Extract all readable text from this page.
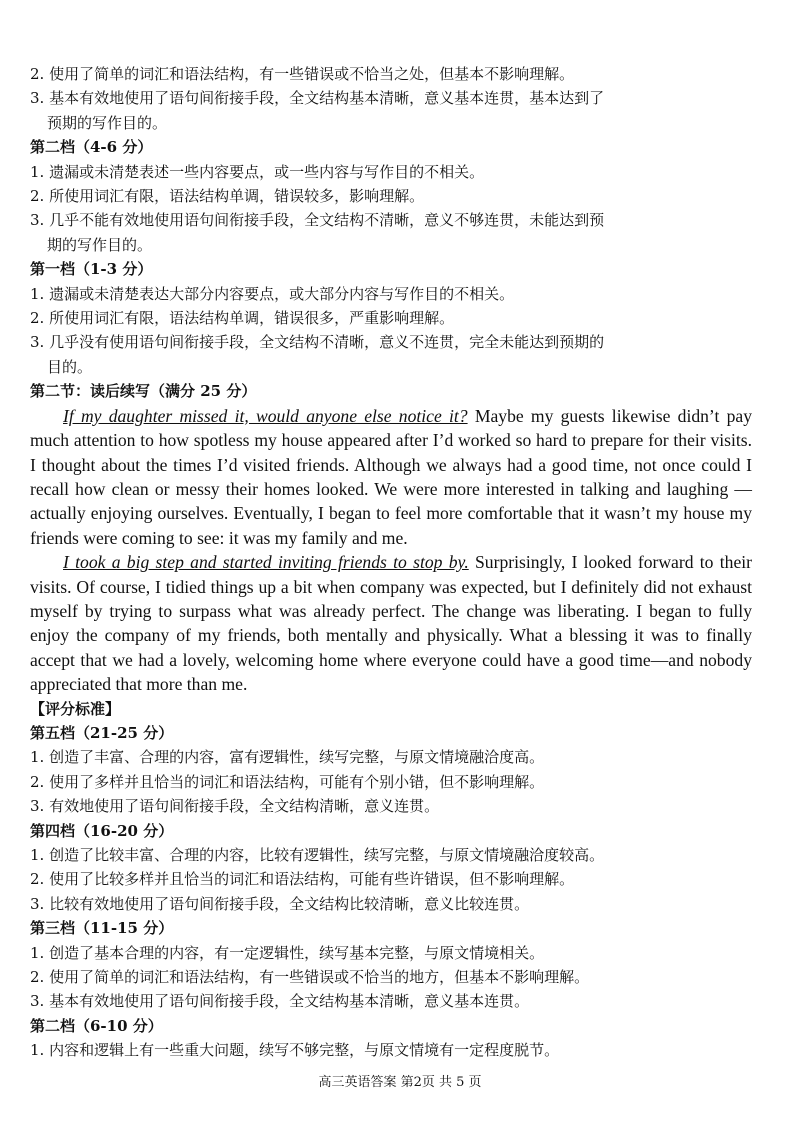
2. 使用了简单的词汇和语法结构，有一些错误或不恰当之处，但基本不影响理解。
3. 基本有效地使用了语句间衔接手段，全文结构基本清晰，意义基本连贯，基本达到了
预期的写作目的。
第二档（4-6 分）
1. 遗漏或未清楚表述一些内容要点，或一些内容与写作目的不相关。
2. 所使用词汇有限，语法结构单调，错误较多，影响理解。
3. 几乎不能有效地使用语句间衔接手段，全文结构不清晰，意义不够连贯，未能达到预
期的写作目的。
第一档（1-3 分）
1. 遗漏或未清楚表达大部分内容要点，或大部分内容与写作目的不相关。
2. 所使用词汇有限，语法结构单调，错误很多，严重影响理解。
3. 几乎没有使用语句间衔接手段，全文结构不清晰，意义不连贯，完全未能达到预期的
目的。
第二节：读后续写（满分 25 分）

If my daughter missed it, would anyone else notice it? Maybe my guests likewise didn’t pay much attention to how spotless my house appeared after I’d worked so hard to prepare for their visits. I thought about the times I’d visited friends. Although we always had a good time, not once could I recall how clean or messy their homes looked. We were more interested in talking and laughing — actually enjoying ourselves. Eventually, I began to feel more comfortable that it wasn’t my house my friends were coming to see: it was my family and me.

I took a big step and started inviting friends to stop by. Surprisingly, I looked forward to their visits. Of course, I tidied things up a bit when company was expected, but I definitely did not exhaust myself by trying to surpass what was already perfect. The change was liberating. I began to fully enjoy the company of my friends, both mentally and physically. What a blessing it was to finally accept that we had a lovely, welcoming home where everyone could have a good time—and nobody appreciated that more than me.

【评分标准】
第五档（21-25 分）
1. 创造了丰富、合理的内容，富有逻辑性，续写完整，与原文情境融洽度高。
2. 使用了多样并且恰当的词汇和语法结构，可能有个别小错，但不影响理解。
3. 有效地使用了语句间衔接手段，全文结构清晰，意义连贯。
第四档（16-20 分）
1. 创造了比较丰富、合理的内容，比较有逻辑性，续写完整，与原文情境融洽度较高。
2. 使用了比较多样并且恰当的词汇和语法结构，可能有些许错误，但不影响理解。
3. 比较有效地使用了语句间衔接手段，全文结构比较清晰，意义比较连贯。
第三档（11-15 分）
1. 创造了基本合理的内容，有一定逻辑性，续写基本完整，与原文情境相关。
2. 使用了简单的词汇和语法结构，有一些错误或不恰当的地方，但基本不影响理解。
3. 基本有效地使用了语句间衔接手段，全文结构基本清晰，意义基本连贯。
第二档（6-10 分）
1. 内容和逻辑上有一些重大问题，续写不够完整，与原文情境有一定程度脱节。
高三英语答案 第2页 共 5 页
